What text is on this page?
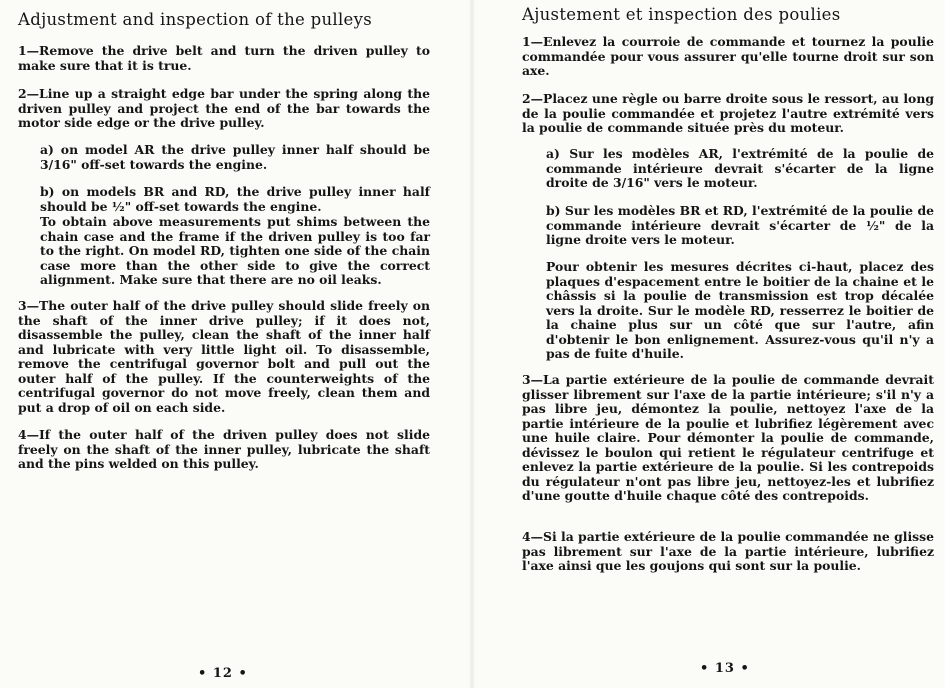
Adjustment and inspection of the pulleys

1—Remove the drive belt and turn the driven pulley to make sure that it is true.

2—Line up a straight edge bar under the spring along the driven pulley and project the end of the bar towards the motor side edge or the drive pulley.

a) on model AR the drive pulley inner half should be 3/16" off-set towards the engine.

b) on models BR and RD, the drive pulley inner half should be ½" off-set towards the engine.

To obtain above measurements put shims between the chain case and the frame if the driven pulley is too far to the right. On model RD, tighten one side of the chain case more than the other side to give the correct alignment. Make sure that there are no oil leaks.

3—The outer half of the drive pulley should slide freely on the shaft of the inner drive pulley; if it does not, disassemble the pulley, clean the shaft of the inner half and lubricate with very little light oil. To disassemble, remove the centrifugal governor bolt and pull out the outer half of the pulley. If the counterweights of the centrifugal governor do not move freely, clean them and put a drop of oil on each side.

4—If the outer half of the driven pulley does not slide freely on the shaft of the inner pulley, lubricate the shaft and the pins welded on this pulley.

• 12 •
Ajustement et inspection des poulies

1—Enlevez la courroie de commande et tournez la poulie commandée pour vous assurer qu'elle tourne droit sur son axe.

2—Placez une règle ou barre droite sous le ressort, au long de la poulie commandée et projetez l'autre extrémité vers la poulie de commande située près du moteur.

a) Sur les modèles AR, l'extrémité de la poulie de commande intérieure devrait s'écarter de la ligne droite de 3/16" vers le moteur.

b) Sur les modèles BR et RD, l'extrémité de la poulie de commande intérieure devrait s'écarter de ½" de la ligne droite vers le moteur.

Pour obtenir les mesures décrites ci-haut, placez des plaques d'espacement entre le boitier de la chaine et le châssis si la poulie de transmission est trop décalée vers la droite. Sur le modèle RD, resserrez le boitier de la chaine plus sur un côté que sur l'autre, afin d'obtenir le bon enlignement. Assurez-vous qu'il n'y a pas de fuite d'huile.

3—La partie extérieure de la poulie de commande devrait glisser librement sur l'axe de la partie intérieure; s'il n'y a pas libre jeu, démontez la poulie, nettoyez l'axe de la partie intérieure de la poulie et lubrifiez légèrement avec une huile claire. Pour démonter la poulie de commande, dévissez le boulon qui retient le régulateur centrifuge et enlevez la partie extérieure de la poulie. Si les contrepoids du régulateur n'ont pas libre jeu, nettoyez-les et lubrifiez d'une goutte d'huile chaque côté des contrepoids.

4—Si la partie extérieure de la poulie commandée ne glisse pas librement sur l'axe de la partie intérieure, lubrifiez l'axe ainsi que les goujons qui sont sur la poulie.

• 13 •
